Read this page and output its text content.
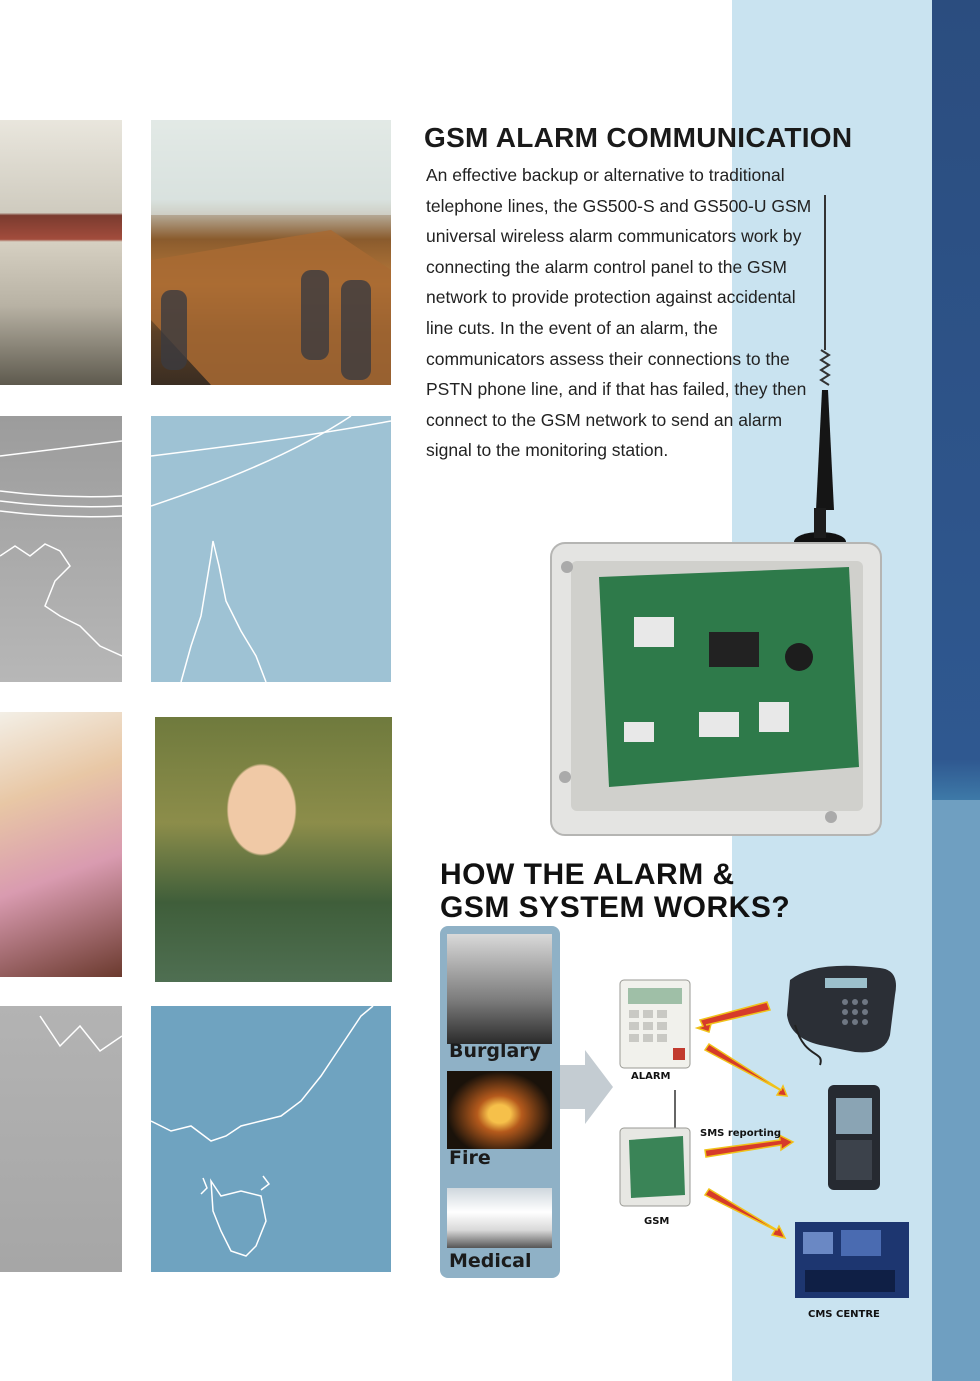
GSM ALARM COMMUNICATION
An effective backup or alternative to traditional telephone lines, the GS500-S and GS500-U GSM universal wireless alarm communicators work by connecting the alarm control panel to the GSM network to provide protection against accidental line cuts. In the event of an alarm, the communicators assess their connections to the PSTN phone line, and if that has failed, they then connect to the GSM network to send an alarm signal to the monitoring station.
HOW THE ALARM &
GSM SYSTEM WORKS?
Burglary
Fire
Medical
ALARM
GSM
SMS reporting
CMS CENTRE
